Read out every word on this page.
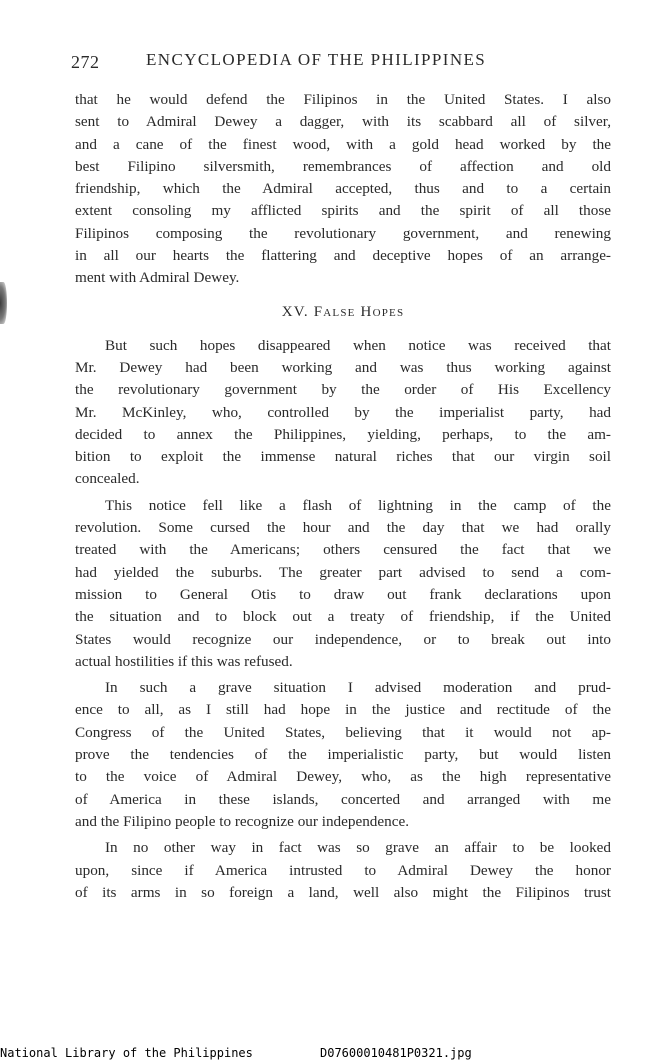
272	ENCYCLOPEDIA OF THE PHILIPPINES
that he would defend the Filipinos in the United States. I also
sent to Admiral Dewey a dagger, with its scabbard all of silver,
and a cane of the finest wood, with a gold head worked by the
best Filipino silversmith, remembrances of affection and old
friendship, which the Admiral accepted, thus and to a certain
extent consoling my afflicted spirits and the spirit of all those
Filipinos composing the revolutionary government, and renewing
in all our hearts the flattering and deceptive hopes of an arrange-
ment with Admiral Dewey.
XV. False Hopes
But such hopes disappeared when notice was received that
Mr. Dewey had been working and was thus working against
the revolutionary government by the order of His Excellency
Mr. McKinley, who, controlled by the imperialist party, had
decided to annex the Philippines, yielding, perhaps, to the am-
bition to exploit the immense natural riches that our virgin soil
concealed.
This notice fell like a flash of lightning in the camp of the
revolution. Some cursed the hour and the day that we had orally
treated with the Americans; others censured the fact that we
had yielded the suburbs. The greater part advised to send a com-
mission to General Otis to draw out frank declarations upon
the situation and to block out a treaty of friendship, if the United
States would recognize our independence, or to break out into
actual hostilities if this was refused.
In such a grave situation I advised moderation and prud-
ence to all, as I still had hope in the justice and rectitude of the
Congress of the United States, believing that it would not ap-
prove the tendencies of the imperialistic party, but would listen
to the voice of Admiral Dewey, who, as the high representative
of America in these islands, concerted and arranged with me
and the Filipino people to recognize our independence.
In no other way in fact was so grave an affair to be looked
upon, since if America intrusted to Admiral Dewey the honor
of its arms in so foreign a land, well also might the Filipinos trust
National Library of the Philippines	D07600010481P0321.jpg
